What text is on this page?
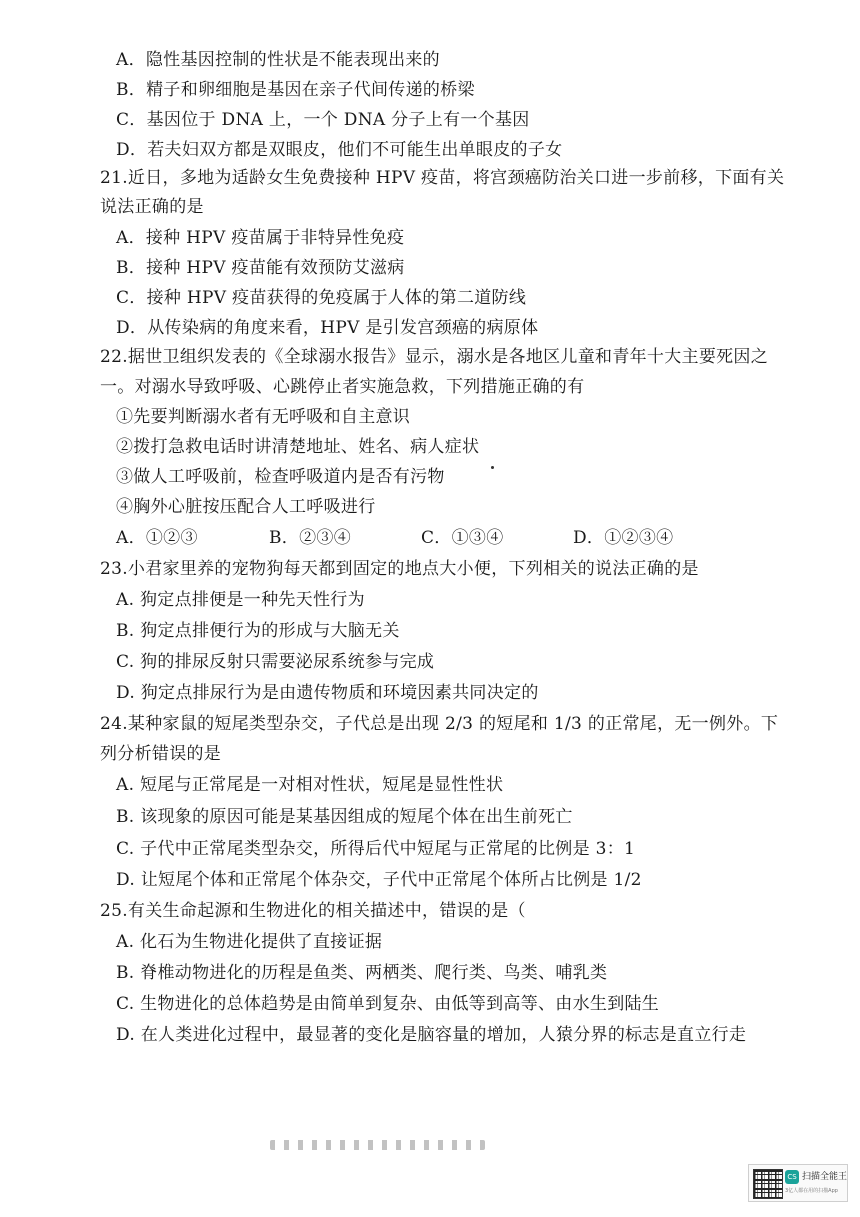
A．隐性基因控制的性状是不能表现出来的
B．精子和卵细胞是基因在亲子代间传递的桥梁
C．基因位于 DNA 上，一个 DNA 分子上有一个基因
D．若夫妇双方都是双眼皮，他们不可能生出单眼皮的子女
21.近日，多地为适龄女生免费接种 HPV 疫苗，将宫颈癌防治关口进一步前移，下面有关
说法正确的是
A．接种 HPV 疫苗属于非特异性免疫
B．接种 HPV 疫苗能有效预防艾滋病
C．接种 HPV 疫苗获得的免疫属于人体的第二道防线
D．从传染病的角度来看，HPV 是引发宫颈癌的病原体
22.据世卫组织发表的《全球溺水报告》显示，溺水是各地区儿童和青年十大主要死因之
一。对溺水导致呼吸、心跳停止者实施急救，下列措施正确的有
①先要判断溺水者有无呼吸和自主意识
②拨打急救电话时讲清楚地址、姓名、病人症状
③做人工呼吸前，检查呼吸道内是否有污物
④胸外心脏按压配合人工呼吸进行
A．①②③	B．②③④	C．①③④	D．①②③④
23.小君家里养的宠物狗每天都到固定的地点大小便，下列相关的说法正确的是
A. 狗定点排便是一种先天性行为
B. 狗定点排便行为的形成与大脑无关
C. 狗的排尿反射只需要泌尿系统参与完成
D. 狗定点排尿行为是由遗传物质和环境因素共同决定的
24.某种家鼠的短尾类型杂交，子代总是出现 2/3 的短尾和 1/3 的正常尾，无一例外。下
列分析错误的是
A. 短尾与正常尾是一对相对性状，短尾是显性性状
B. 该现象的原因可能是某基因组成的短尾个体在出生前死亡
C. 子代中正常尾类型杂交，所得后代中短尾与正常尾的比例是 3：1
D. 让短尾个体和正常尾个体杂交，子代中正常尾个体所占比例是 1/2
25.有关生命起源和生物进化的相关描述中，错误的是（
A. 化石为生物进化提供了直接证据
B. 脊椎动物进化的历程是鱼类、两栖类、爬行类、鸟类、哺乳类
C. 生物进化的总体趋势是由简单到复杂、由低等到高等、由水生到陆生
D. 在人类进化过程中，最显著的变化是脑容量的增加，人猿分界的标志是直立行走
CS 扫描全能王
3亿人都在用的扫描App
